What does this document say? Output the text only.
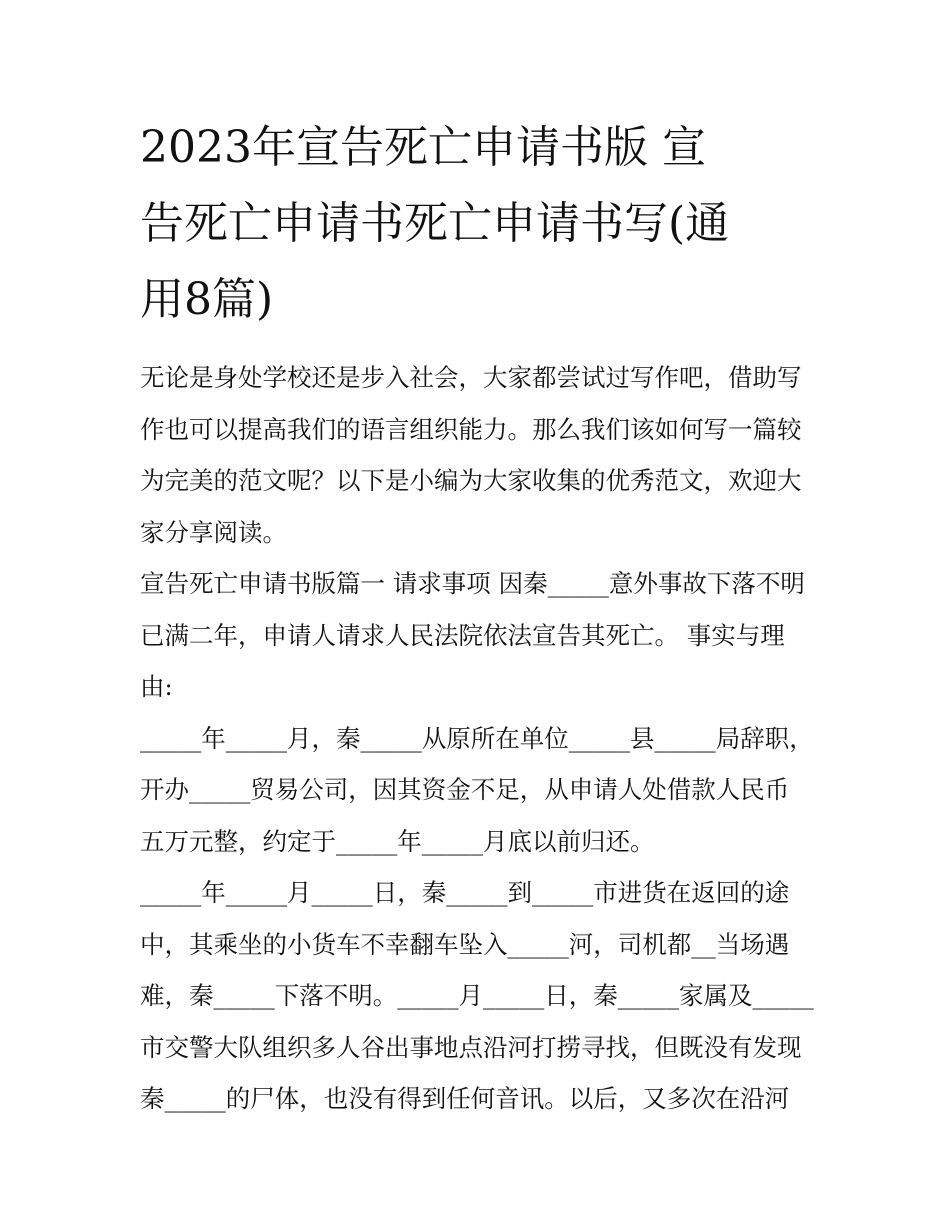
2023年宣告死亡申请书版 宣
告死亡申请书死亡申请书写(通
用8篇)
无论是身处学校还是步入社会，大家都尝试过写作吧，借助写
作也可以提高我们的语言组织能力。那么我们该如何写一篇较
为完美的范文呢？以下是小编为大家收集的优秀范文，欢迎大
家分享阅读。
宣告死亡申请书版篇一 请求事项 因秦_____意外事故下落不明
已满二年，申请人请求人民法院依法宣告其死亡。 事实与理
由:
_____年_____月，秦_____从原所在单位_____县_____局辞职，
开办_____贸易公司，因其资金不足，从申请人处借款人民币
五万元整，约定于_____年_____月底以前归还。
_____年_____月_____日，秦_____到_____市进货在返回的途
中，其乘坐的小货车不幸翻车坠入_____河，司机都__当场遇
难，秦_____下落不明。_____月_____日，秦_____家属及_____
市交警大队组织多人谷出事地点沿河打捞寻找，但既没有发现
秦_____的尸体，也没有得到任何音讯。以后，又多次在沿河
